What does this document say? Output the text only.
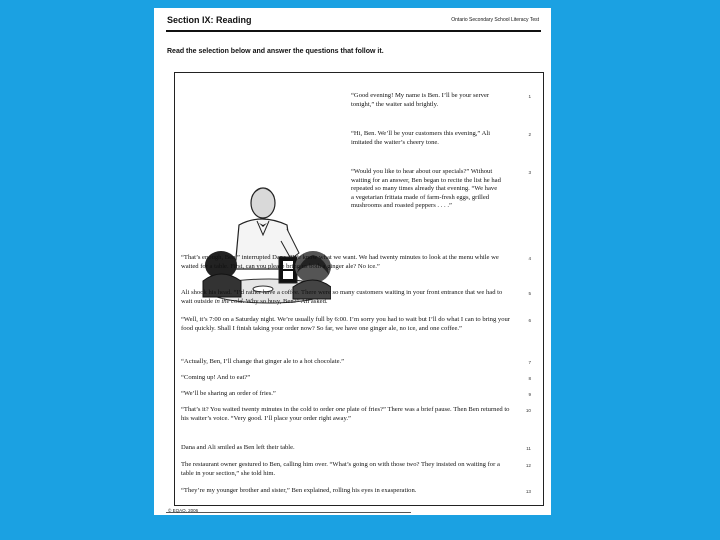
Section IX: Reading	Ontario Secondary School Literacy Test
Read the selection below and answer the questions that follow it.

“Good evening! My name is Ben. I’ll be your server tonight,” the waiter said brightly.

1

“Hi, Ben. We’ll be your customers this evening,” Ali imitated the waiter’s cheery tone.

2

“Would you like to hear about our specials?” Without waiting for an answer, Ben began to recite the list he had repeated so many times already that evening. “We have a vegetarian frittata made of farm-fresh eggs, grilled mushrooms and roasted peppers . . . .”

3

“That’s enough, Ben,” interrupted Dana. “We know what we want. We had twenty minutes to look at the menu while we waited for a table. First, can you please bring us both a ginger ale? No ice.”

4

Ali shook his head. “I’d rather have a coffee. There were so many customers waiting in your front entrance that we had to wait outside in the cold. Why so busy, Ben?” Ali asked.

5

“Well, it’s 7:00 on a Saturday night. We’re usually full by 6:00. I’m sorry you had to wait but I’ll do what I can to bring your food quickly. Shall I finish taking your order now? So far, we have one ginger ale, no ice, and one coffee.”

6

“Actually, Ben, I’ll change that ginger ale to a hot chocolate.”	7

“Coming up! And to eat?”	8

“We’ll be sharing an order of fries.”	9

“That’s it? You waited twenty minutes in the cold to order one plate of fries?” There was a brief pause. Then Ben returned to his waiter’s voice. “Very good. I’ll place your order right away.”

10

Dana and Ali smiled as Ben left their table.	11

The restaurant owner gestured to Ben, calling him over. “What’s going on with those two? They insisted on waiting for a table in your section,” she told him.

12

“They’re my younger brother and sister,” Ben explained, rolling his eyes in exasperation.	13
© EQAO, 2006
